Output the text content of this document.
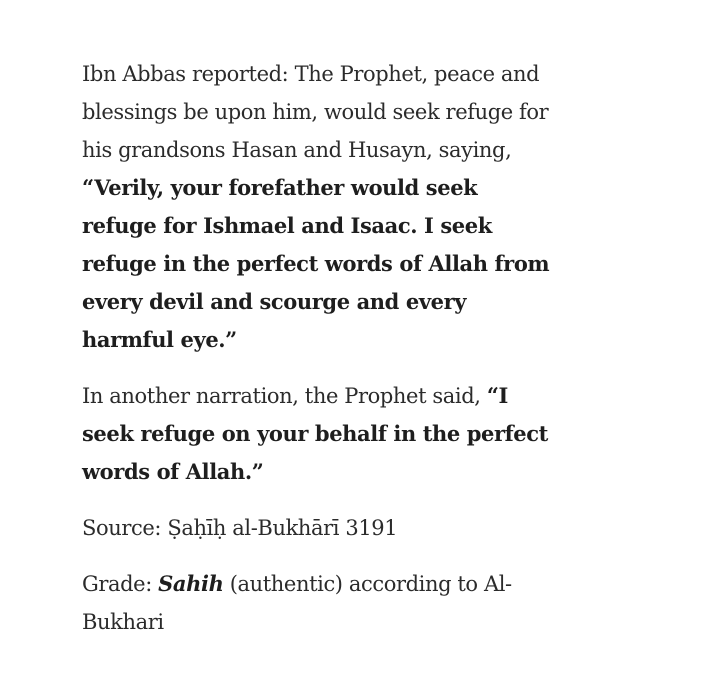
Ibn Abbas reported: The Prophet, peace and blessings be upon him, would seek refuge for his grandsons Hasan and Husayn, saying, “Verily, your forefather would seek refuge for Ishmael and Isaac. I seek refuge in the perfect words of Allah from every devil and scourge and every harmful eye.”

In another narration, the Prophet said, “I seek refuge on your behalf in the perfect words of Allah.”

Source: Ṣaḥīḥ al-Bukhārī 3191

Grade: Sahih (authentic) according to Al-Bukhari
